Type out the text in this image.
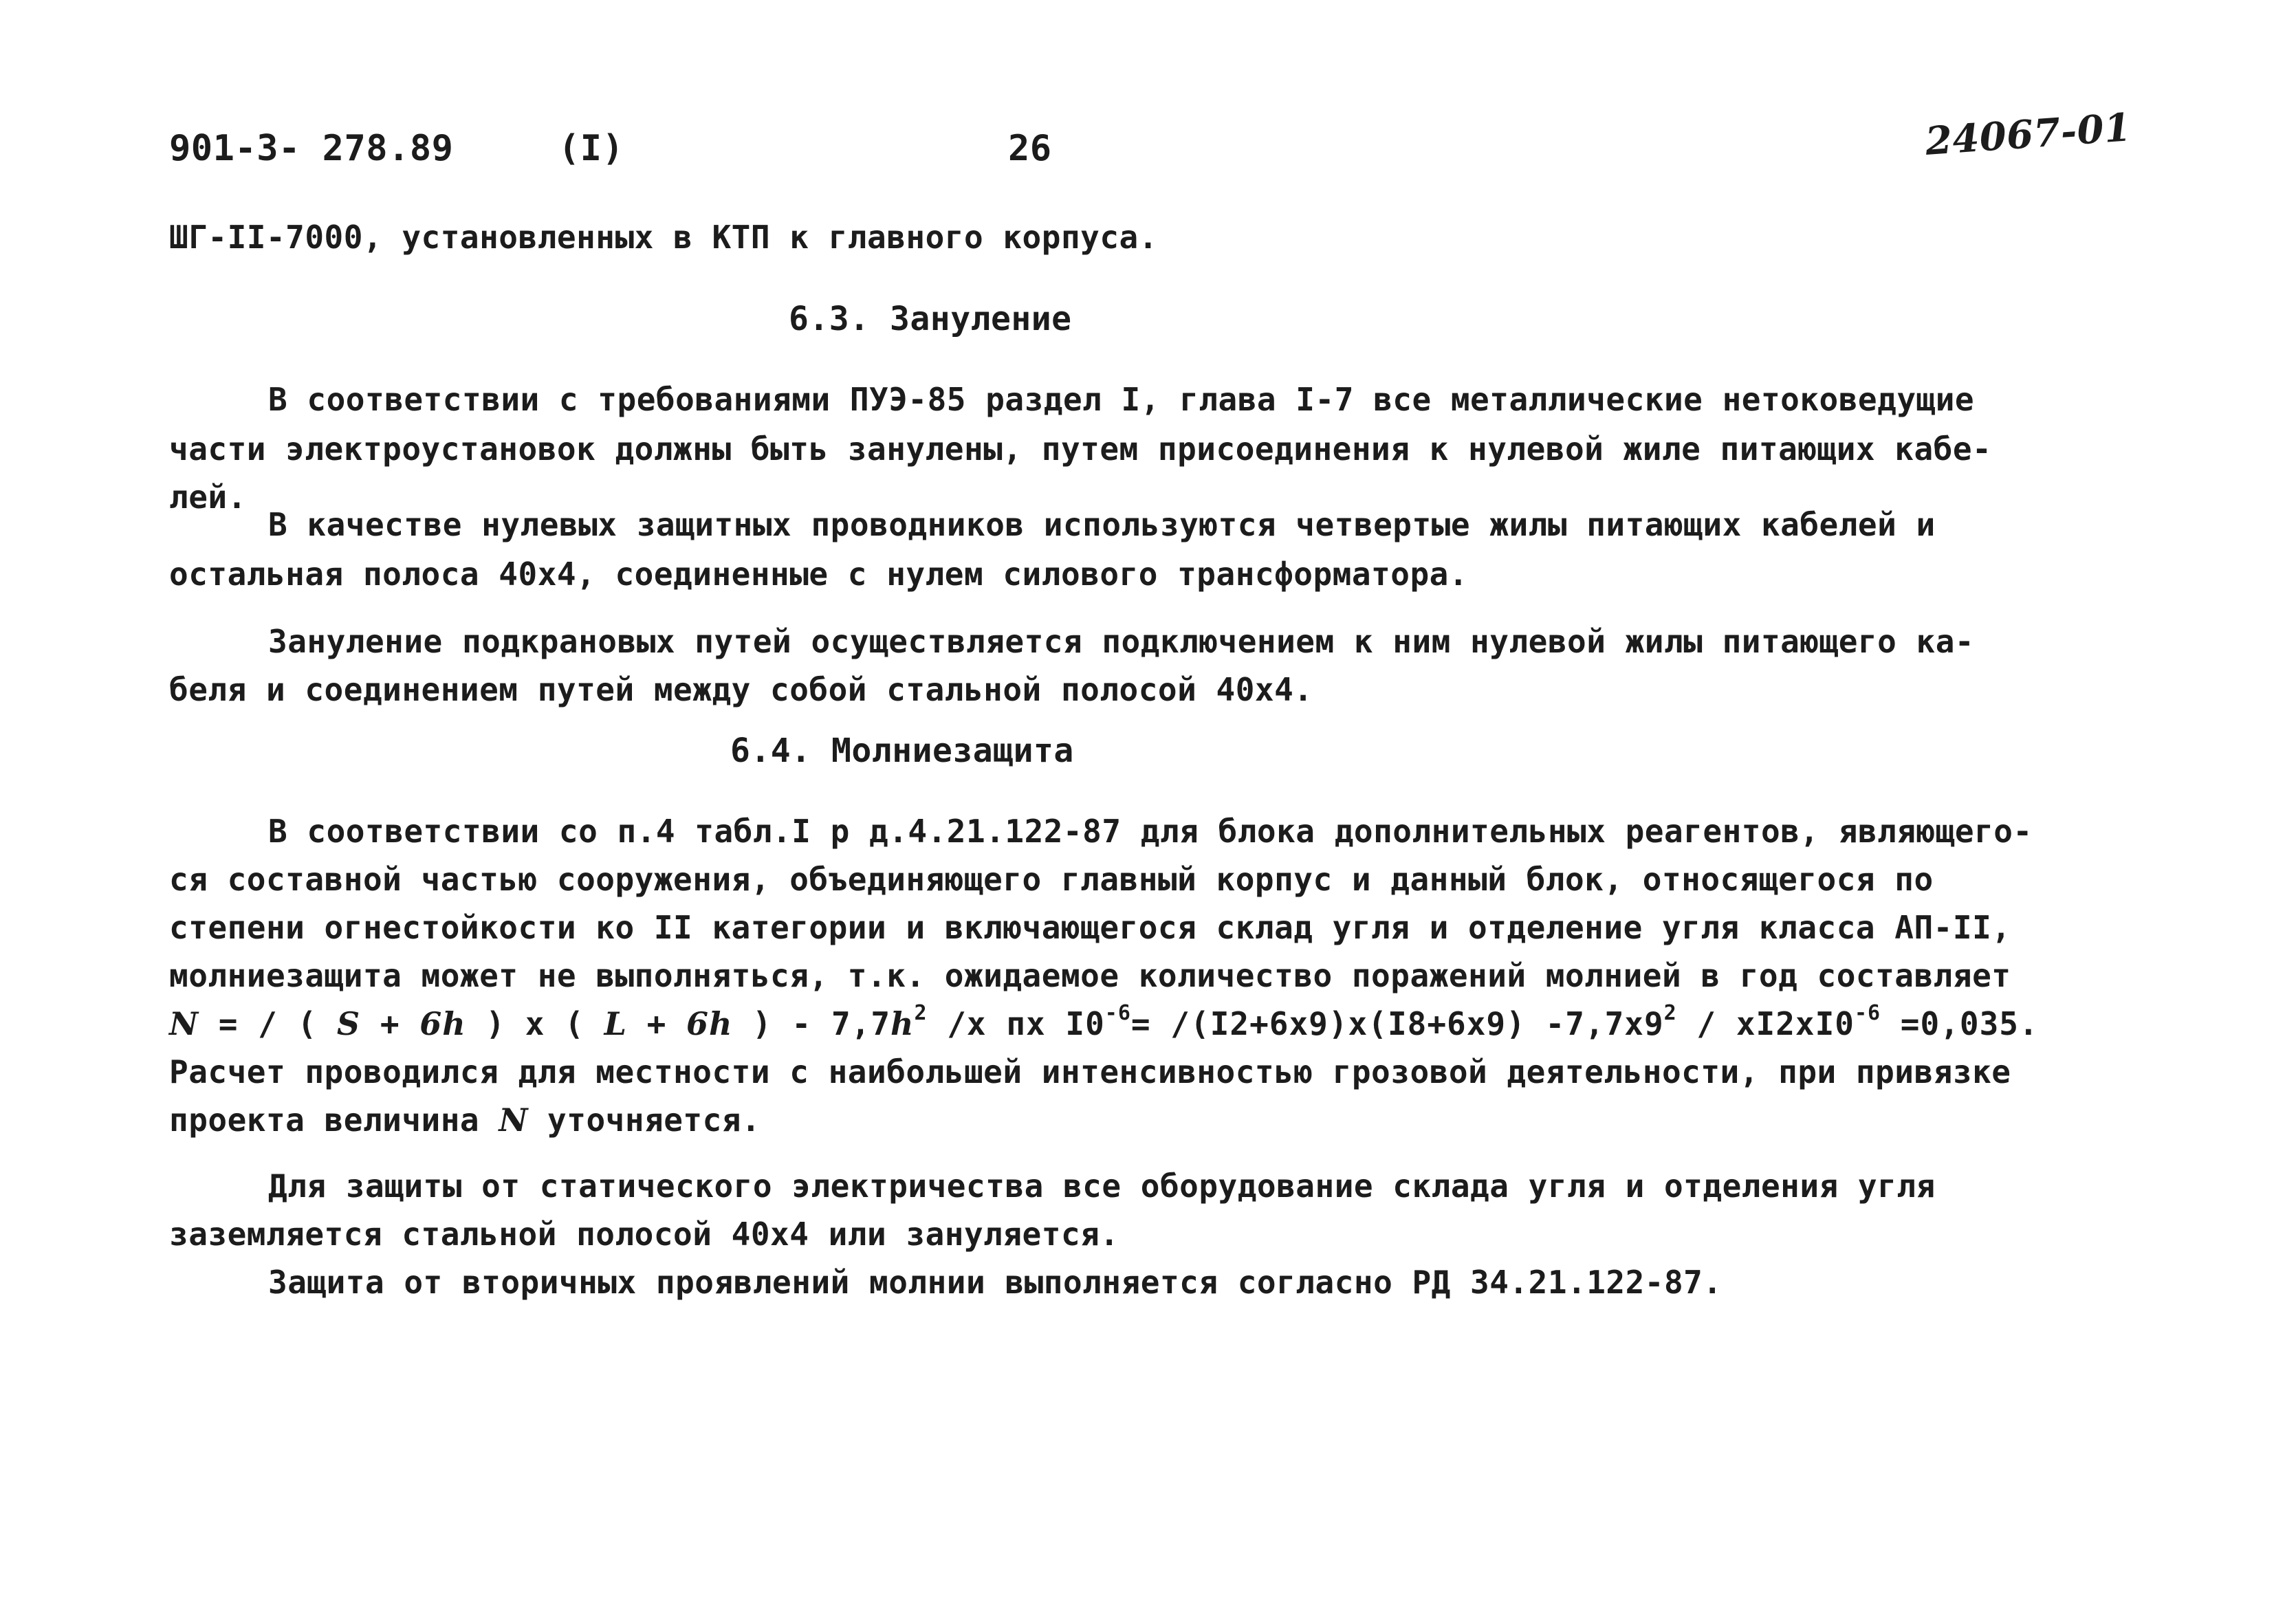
901-3- 278.89	(I)	26	24067-01
ШГ-II-7000, установленных в КТП к главного корпуса.
6.3. Зануление
В соответствии с требованиями ПУЭ-85 раздел I, глава I-7 все металлические нетоковедущие
части электроустановок должны быть занулены, путем присоединения к нулевой жиле питающих кабе-
лей.
В качестве нулевых защитных проводников используются четвертые жилы питающих кабелей и
остальная полоса 40х4, соединенные с нулем силового трансформатора.
Зануление подкрановых путей осуществляется подключением к ним нулевой жилы питающего ка-
беля и соединением путей между собой стальной полосой 40х4.
6.4. Молниезащита
В соответствии со п.4 табл.I р д.4.21.122-87 для блока дополнительных реагентов, являющего-
ся составной частью сооружения, объединяющего главный корпус и данный блок, относящегося по
степени огнестойкости ко II категории и включающегося склад угля и отделение угля класса АП-II,
молниезащита может не выполняться, т.к. ожидаемое количество поражений молнией в год составляет
N = / ( S + 6h ) x ( L + 6h ) - $7,7h^2$ /x пх $I0^{-6}= /(I2+6x9)x(I8+6x9)$ $-7,7x9^2 / xI2xI0^{-6} =0,035$.
Расчет проводился для местности с наибольшей интенсивностью грозовой деятельности, при привязке
проекта величина N уточняется.
Для защиты от статического электричества все оборудование склада угля и отделения угля
заземляется стальной полосой 40х4 или зануляется.
Защита от вторичных проявлений молнии выполняется согласно РД 34.21.122-87.
